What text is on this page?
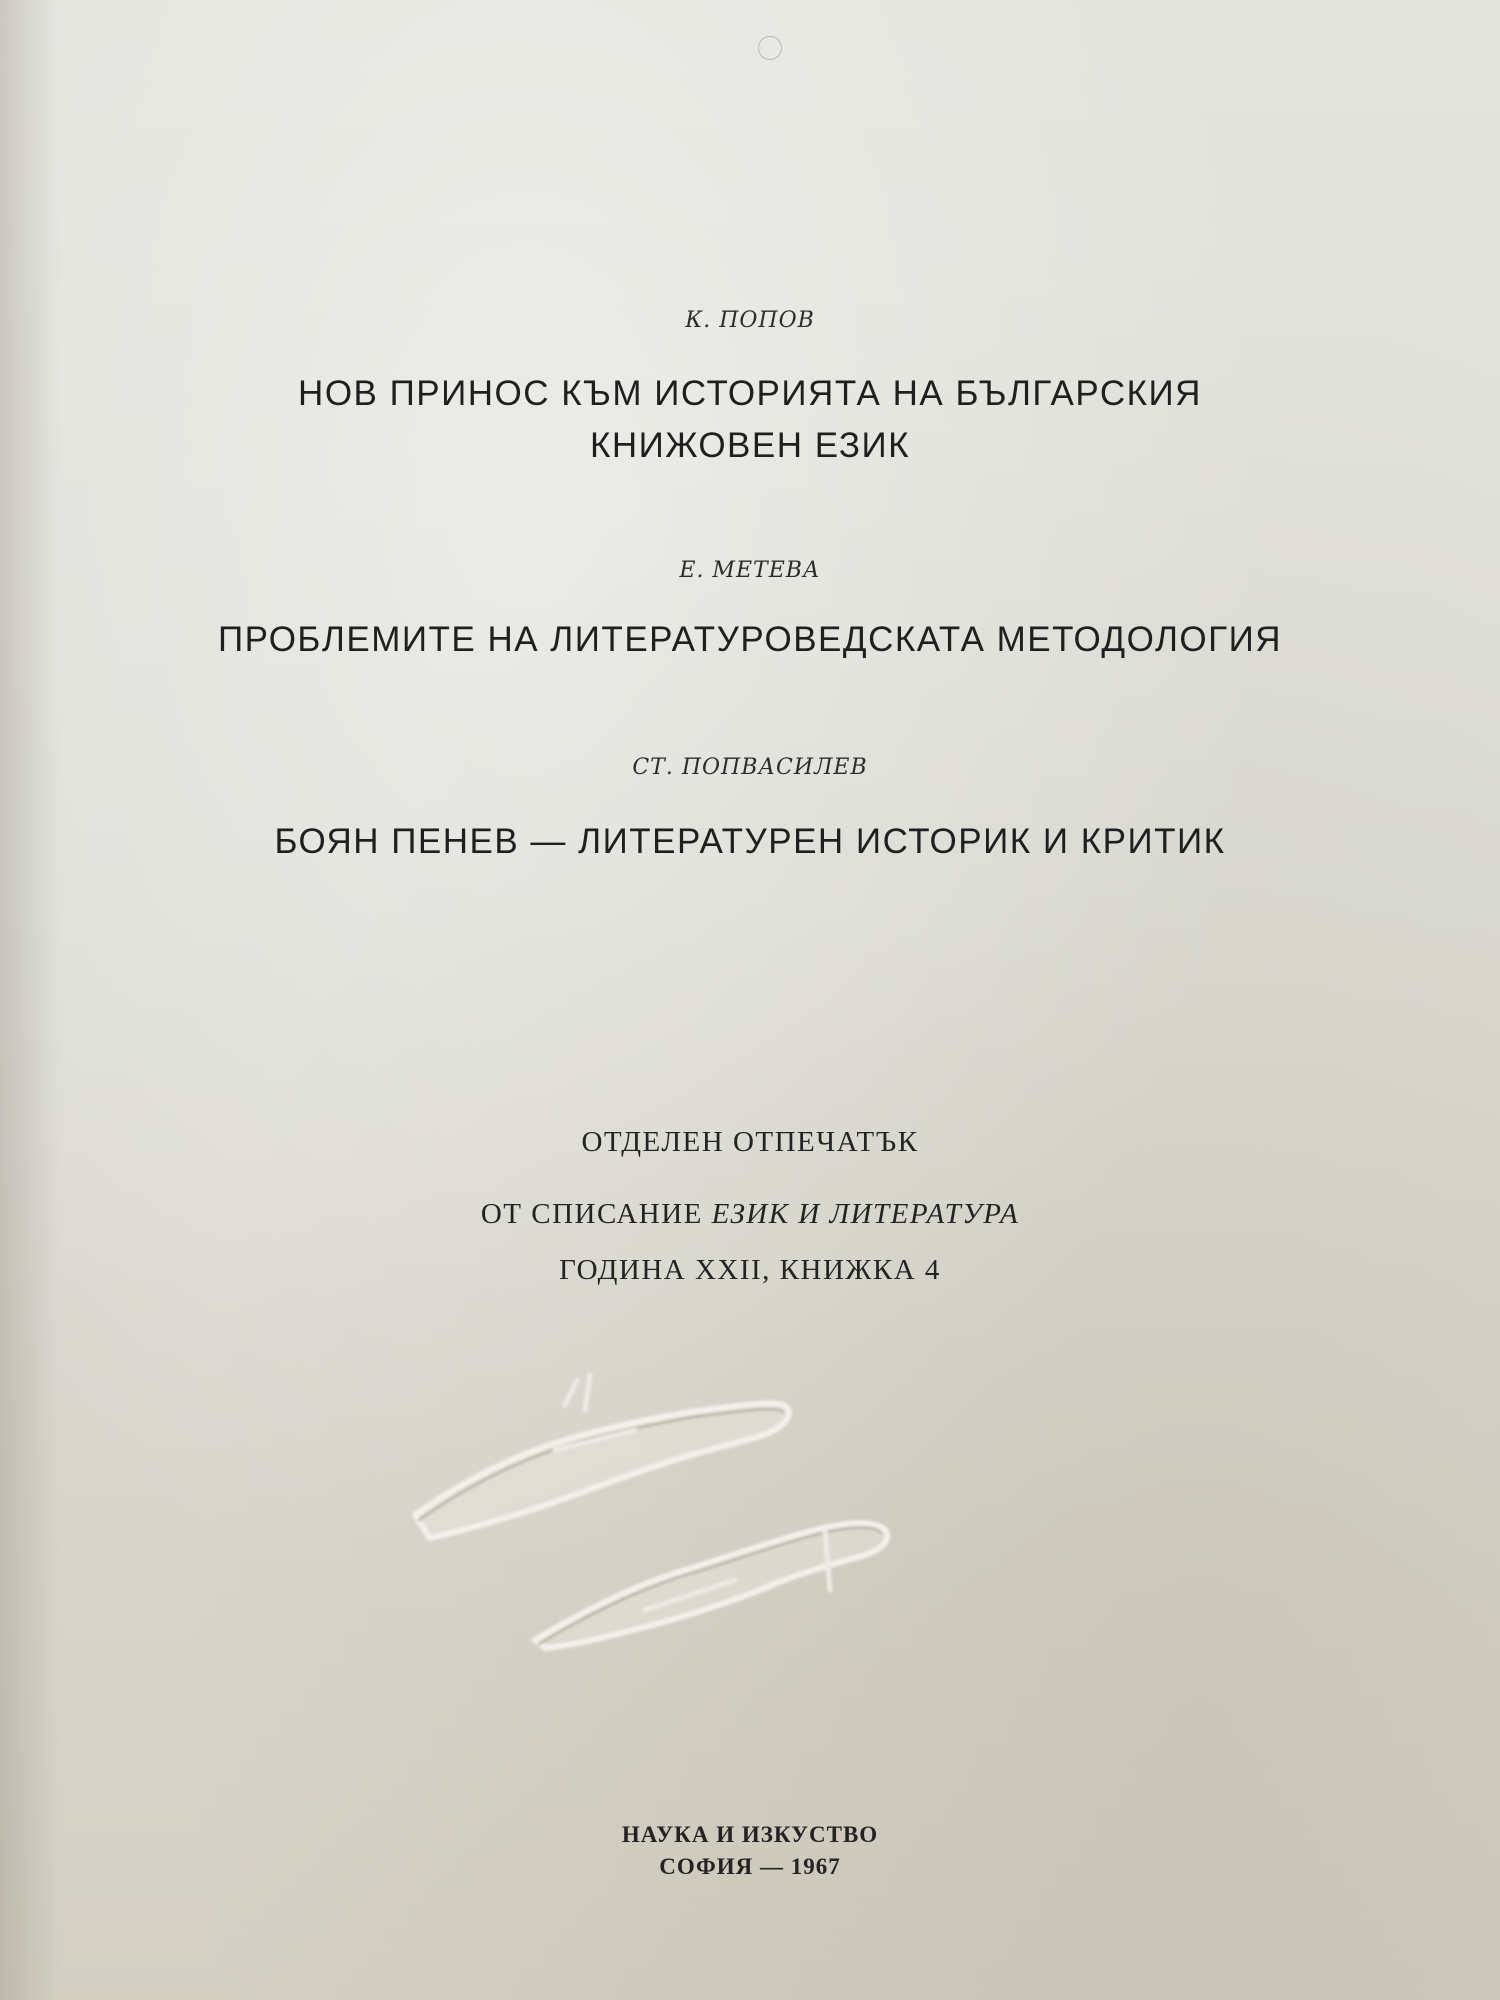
К. ПОПОВ
НОВ ПРИНОС КЪМ ИСТОРИЯТА НА БЪЛГАРСКИЯ
КНИЖОВЕН ЕЗИК
Е. МЕТЕВА
ПРОБЛЕМИТЕ НА ЛИТЕРАТУРОВЕДСКАТА МЕТОДОЛОГИЯ
СТ. ПОПВАСИЛЕВ
БОЯН ПЕНЕВ — ЛИТЕРАТУРЕН ИСТОРИК И КРИТИК
ОТДЕЛЕН ОТПЕЧАТЪК
ОТ СПИСАНИЕ ЕЗИК И ЛИТЕРАТУРА
ГОДИНА XXII, КНИЖКА 4
НАУКА И ИЗКУСТВО
СОФИЯ — 1967
